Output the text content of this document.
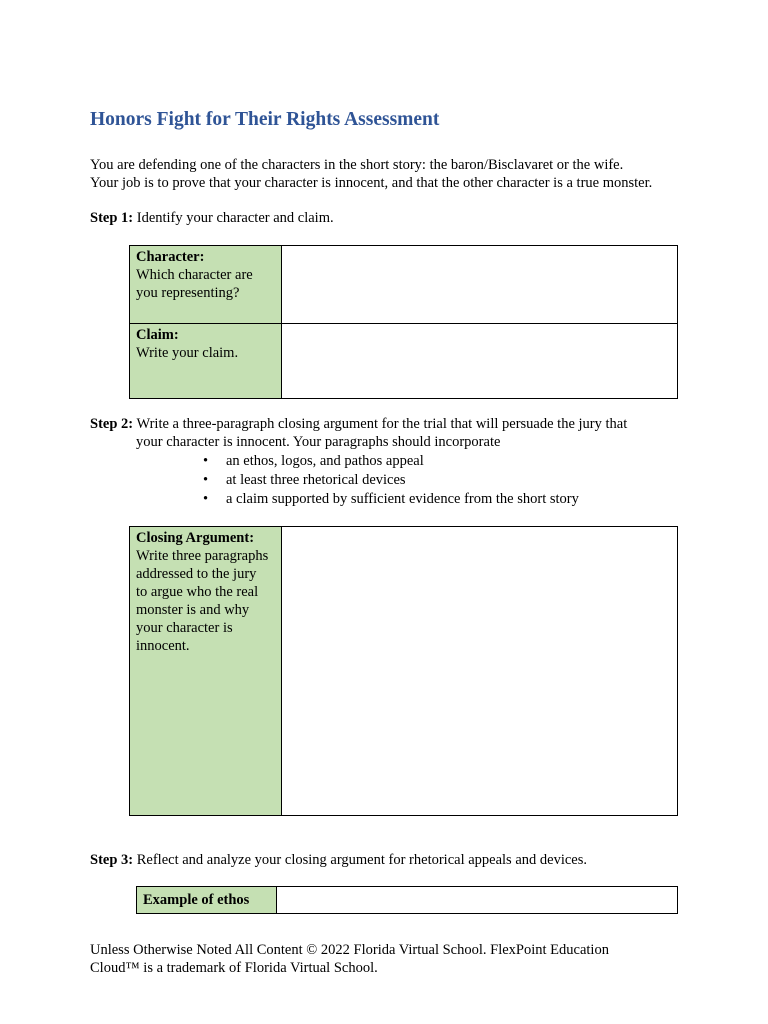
Honors Fight for Their Rights Assessment

You are defending one of the characters in the short story: the baron/Bisclavaret or the wife.
Your job is to prove that your character is innocent, and that the other character is a true monster.

Step 1: Identify your character and claim.

Character:
Which character are
you representing?	

Claim:
Write your claim.	

Step 2: Write a three-paragraph closing argument for the trial that will persuade the jury that

your character is innocent. Your paragraphs should incorporate

• an ethos, logos, and pathos appeal
• at least three rhetorical devices
• a claim supported by sufficient evidence from the short story
Closing Argument:
Write three paragraphs
addressed to the jury
to argue who the real
monster is and why
your character is
innocent.	

Step 3: Reflect and analyze your closing argument for rhetorical appeals and devices.

Example of ethos

Unless Otherwise Noted All Content © 2022 Florida Virtual School. FlexPoint Education
Cloud™ is a trademark of Florida Virtual School.
